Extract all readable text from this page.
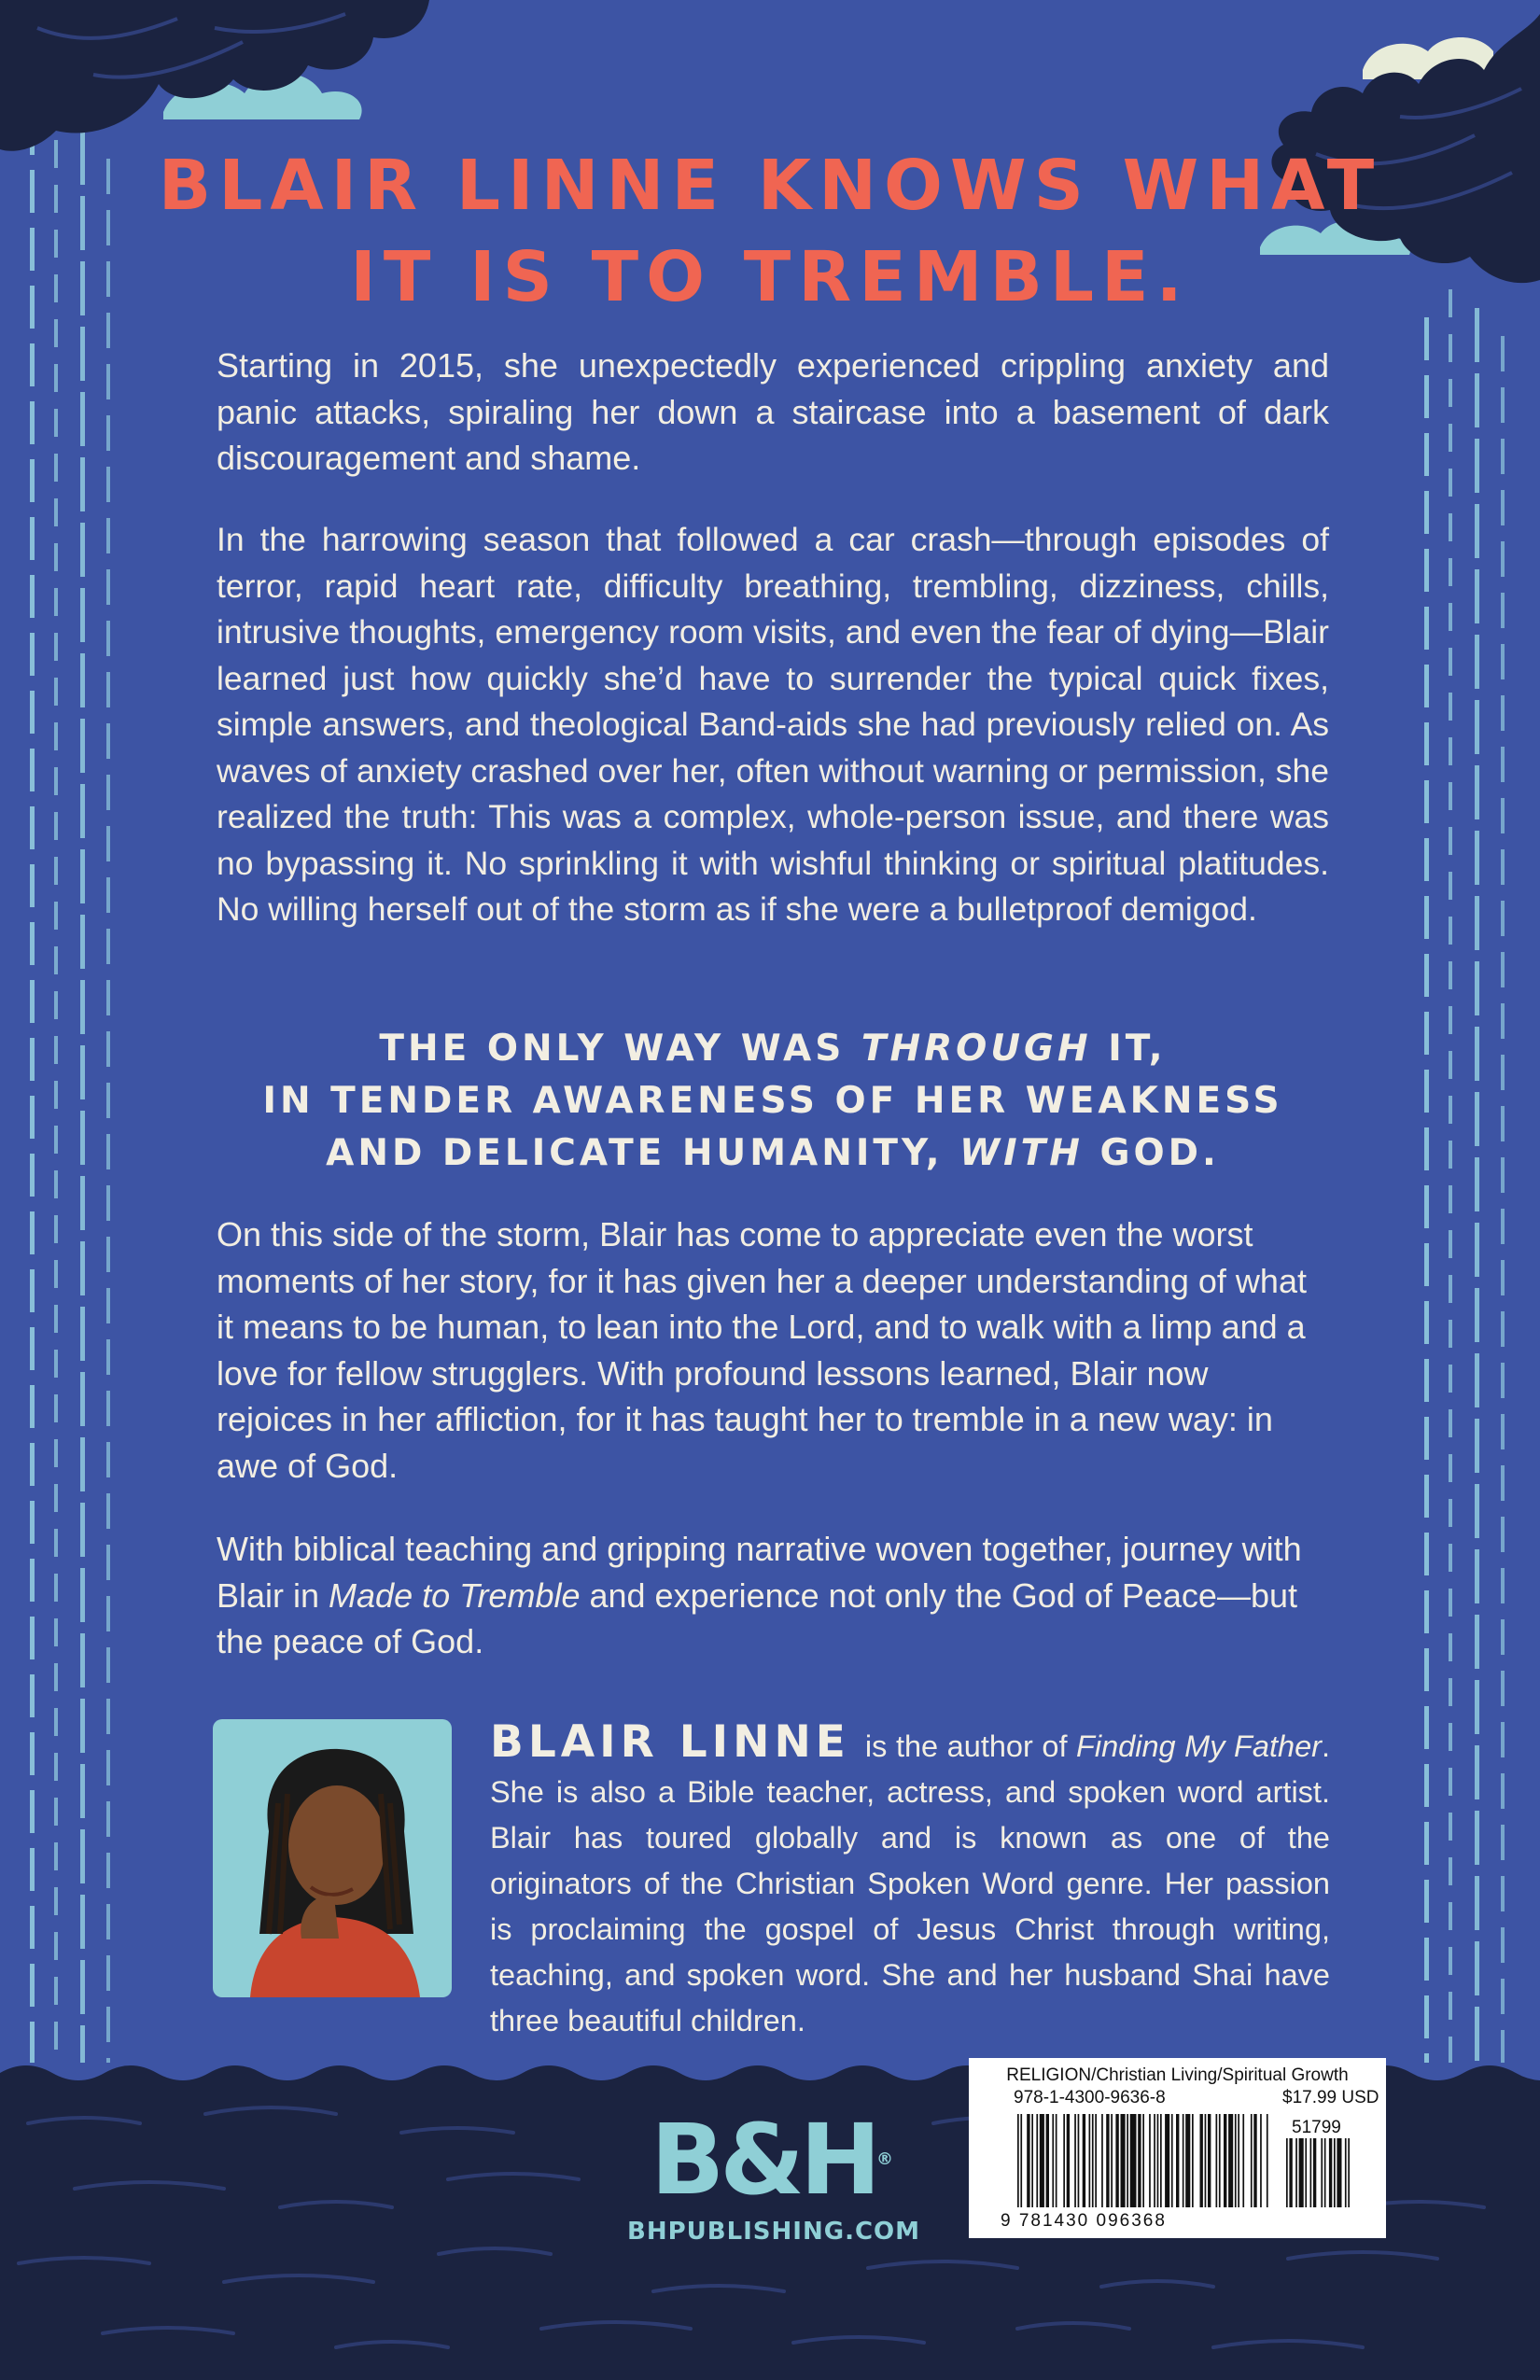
BLAIR LINNE KNOWS WHAT IT IS TO TREMBLE.

Starting in 2015, she unexpectedly experienced crippling anxiety and panic attacks, spiraling her down a staircase into a basement of dark discouragement and shame.

In the harrowing season that followed a car crash—through episodes of terror, rapid heart rate, difficulty breathing, trembling, dizziness, chills, intrusive thoughts, emergency room visits, and even the fear of dying—Blair learned just how quickly she’d have to surrender the typical quick fixes, simple answers, and theological Band-aids she had previously relied on. As waves of anxiety crashed over her, often without warning or permission, she realized the truth: This was a complex, whole-person issue, and there was no bypassing it. No sprinkling it with wishful thinking or spiritual platitudes. No willing herself out of the storm as if she were a bulletproof demigod.

THE ONLY WAY WAS THROUGH IT,
IN TENDER AWARENESS OF HER WEAKNESS
AND DELICATE HUMANITY, WITH GOD.

On this side of the storm, Blair has come to appreciate even the worst moments of her story, for it has given her a deeper understanding of what it means to be human, to lean into the Lord, and to walk with a limp and a love for fellow strugglers. With profound lessons learned, Blair now rejoices in her affliction, for it has taught her to tremble in a new way: in awe of God.

With biblical teaching and gripping narrative woven together, journey with Blair in Made to Tremble and experience not only the God of Peace—but the peace of God.

BLAIR LINNE is the author of Finding My Father. She is also a Bible teacher, actress, and spoken word artist. Blair has toured globally and is known as one of the originators of the Christian Spoken Word genre. Her passion is proclaiming the gospel of Jesus Christ through writing, teaching, and spoken word. She and her husband Shai have three beautiful children.

B&H®
BHPUBLISHING.COM
RELIGION/Christian Living/Spiritual Growth
978-1-4300-9636-8	$17.99 USD
51799
9 781430 096368
